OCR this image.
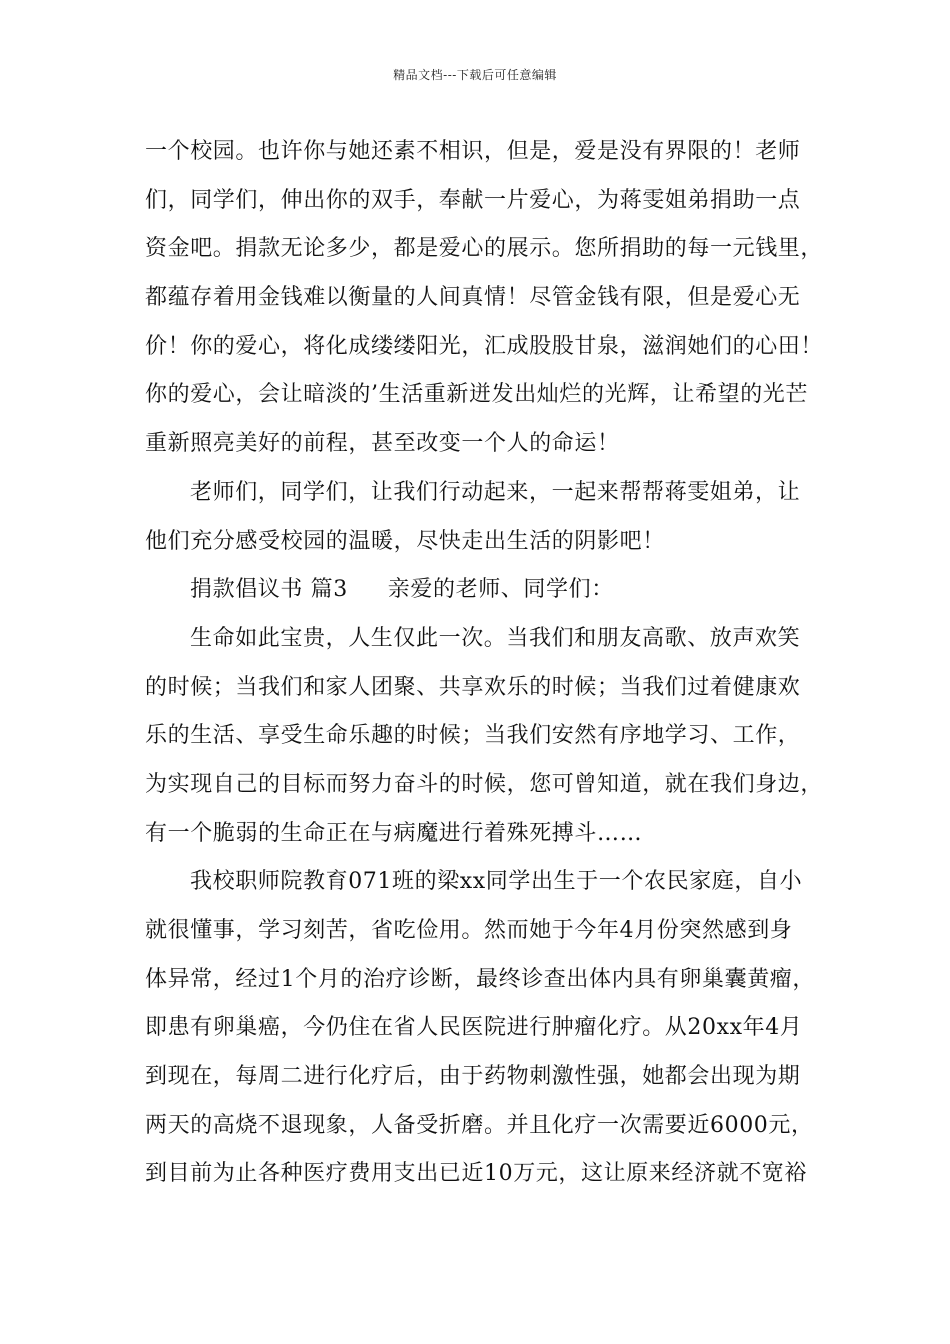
精品文档---下载后可任意编辑
一个校园。也许你与她还素不相识，但是，爱是没有界限的！老师
们，同学们，伸出你的双手，奉献一片爱心，为蒋雯姐弟捐助一点
资金吧。捐款无论多少，都是爱心的展示。您所捐助的每一元钱里，
都蕴存着用金钱难以衡量的人间真情！尽管金钱有限，但是爱心无
价！你的爱心，将化成缕缕阳光，汇成股股甘泉，滋润她们的心田！
你的爱心，会让暗淡的’生活重新迸发出灿烂的光辉，让希望的光芒
重新照亮美好的前程，甚至改变一个人的命运！
老师们，同学们，让我们行动起来，一起来帮帮蒋雯姐弟，让
他们充分感受校园的温暖，尽快走出生活的阴影吧！
捐款倡议书 篇3 亲爱的老师、同学们：
生命如此宝贵，人生仅此一次。当我们和朋友高歌、放声欢笑
的时候；当我们和家人团聚、共享欢乐的时候；当我们过着健康欢
乐的生活、享受生命乐趣的时候；当我们安然有序地学习、工作，
为实现自己的目标而努力奋斗的时候，您可曾知道，就在我们身边，
有一个脆弱的生命正在与病魔进行着殊死搏斗……
我校职师院教育071班的梁xx同学出生于一个农民家庭，自小
就很懂事，学习刻苦，省吃俭用。然而她于今年4月份突然感到身
体异常，经过1个月的治疗诊断，最终诊查出体内具有卵巢囊黄瘤，
即患有卵巢癌，今仍住在省人民医院进行肿瘤化疗。从20xx年4月
到现在，每周二进行化疗后，由于药物刺激性强，她都会出现为期
两天的高烧不退现象，人备受折磨。并且化疗一次需要近6000元，
到目前为止各种医疗费用支出已近10万元，这让原来经济就不宽裕
